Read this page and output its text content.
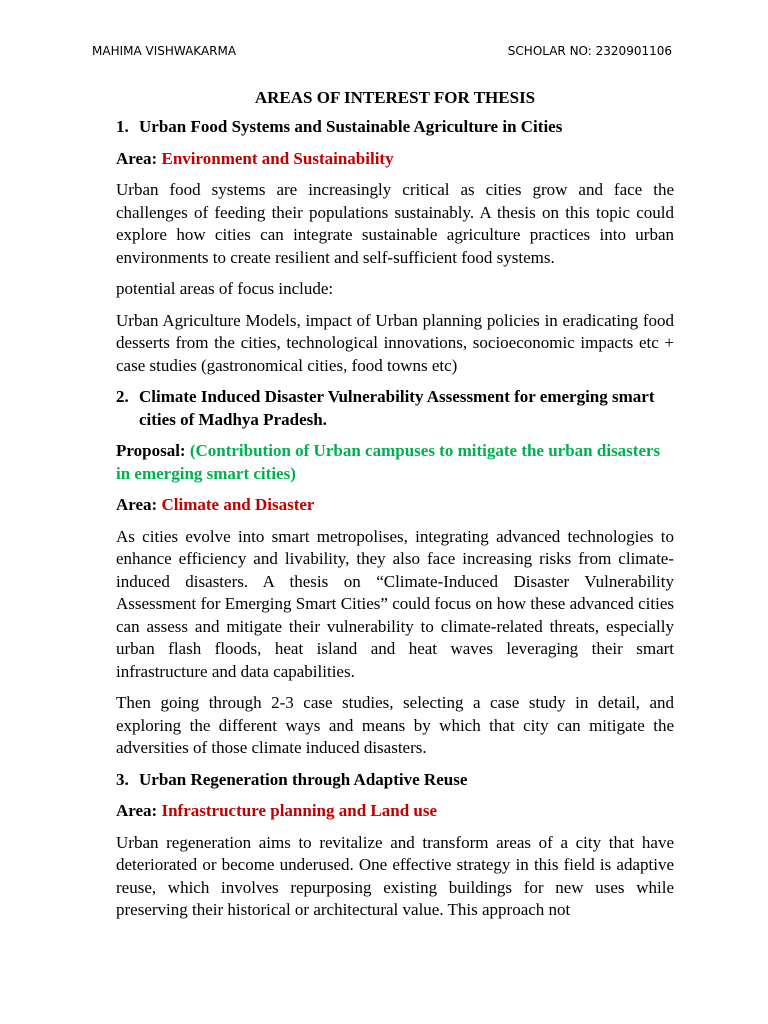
MAHIMA VISHWAKARMA	SCHOLAR NO: 2320901106
AREAS OF INTEREST FOR THESIS
1. Urban Food Systems and Sustainable Agriculture in Cities
Area: Environment and Sustainability

Urban food systems are increasingly critical as cities grow and face the challenges of feeding their populations sustainably. A thesis on this topic could explore how cities can integrate sustainable agriculture practices into urban environments to create resilient and self-sufficient food systems.

potential areas of focus include:

Urban Agriculture Models, impact of Urban planning policies in eradicating food desserts from the cities, technological innovations, socioeconomic impacts etc + case studies (gastronomical cities, food towns etc)

2. Climate Induced Disaster Vulnerability Assessment for emerging smart cities of Madhya Pradesh.
Proposal: (Contribution of Urban campuses to mitigate the urban disasters in emerging smart cities)
Area: Climate and Disaster

As cities evolve into smart metropolises, integrating advanced technologies to enhance efficiency and livability, they also face increasing risks from climate-induced disasters. A thesis on “Climate-Induced Disaster Vulnerability Assessment for Emerging Smart Cities” could focus on how these advanced cities can assess and mitigate their vulnerability to climate-related threats, especially urban flash floods, heat island and heat waves leveraging their smart infrastructure and data capabilities.

Then going through 2-3 case studies, selecting a case study in detail, and exploring the different ways and means by which that city can mitigate the adversities of those climate induced disasters.

3. Urban Regeneration through Adaptive Reuse
Area: Infrastructure planning and Land use

Urban regeneration aims to revitalize and transform areas of a city that have deteriorated or become underused. One effective strategy in this field is adaptive reuse, which involves repurposing existing buildings for new uses while preserving their historical or architectural value. This approach not
